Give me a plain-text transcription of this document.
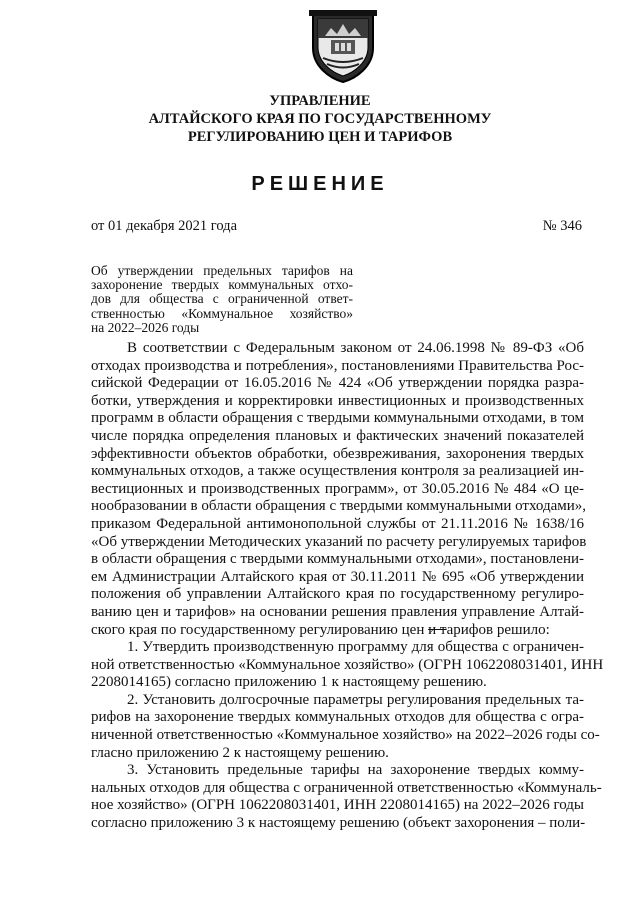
УПРАВЛЕНИЕ
АЛТАЙСКОГО КРАЯ ПО ГОСУДАРСТВЕННОМУ
РЕГУЛИРОВАНИЮ ЦЕН И ТАРИФОВ
РЕШЕНИЕ
от 01 декабря 2021 года	№ 346
Об утверждении предельных тарифов на
захоронение твердых коммунальных отхо-
дов для общества с ограниченной ответ-
ственностью «Коммунальное хозяйство»
на 2022–2026 годы
В соответствии с Федеральным законом от 24.06.1998 № 89-ФЗ «Об
отходах производства и потребления», постановлениями Правительства Рос-
сийской Федерации от 16.05.2016 № 424 «Об утверждении порядка разра-
ботки, утверждения и корректировки инвестиционных и производственных
программ в области обращения с твердыми коммунальными отходами, в том
числе порядка определения плановых и фактических значений показателей
эффективности объектов обработки, обезвреживания, захоронения твердых
коммунальных отходов, а также осуществления контроля за реализацией ин-
вестиционных и производственных программ», от 30.05.2016 № 484 «О це-
нообразовании в области обращения с твердыми коммунальными отходами»,
приказом Федеральной антимонопольной службы от 21.11.2016 № 1638/16
«Об утверждении Методических указаний по расчету регулируемых тарифов
в области обращения с твердыми коммунальными отходами», постановлени-
ем Администрации Алтайского края от 30.11.2011 № 695 «Об утверждении
положения об управлении Алтайского края по государственному регулиро-
ванию цен и тарифов» на основании решения правления управление Алтай-
ского края по государственному регулированию цен и тарифов решило:
1. Утвердить производственную программу для общества с ограничен-
ной ответственностью «Коммунальное хозяйство» (ОГРН 1062208031401, ИНН
2208014165) согласно приложению 1 к настоящему решению.
2. Установить долгосрочные параметры регулирования предельных та-
рифов на захоронение твердых коммунальных отходов для общества с огра-
ниченной ответственностью «Коммунальное хозяйство» на 2022–2026 годы со-
гласно приложению 2 к настоящему решению.
3. Установить предельные тарифы на захоронение твердых комму-
нальных отходов для общества с ограниченной ответственностью «Коммуналь-
ное хозяйство» (ОГРН 1062208031401, ИНН 2208014165) на 2022–2026 годы
согласно приложению 3 к настоящему решению (объект захоронения – поли-
